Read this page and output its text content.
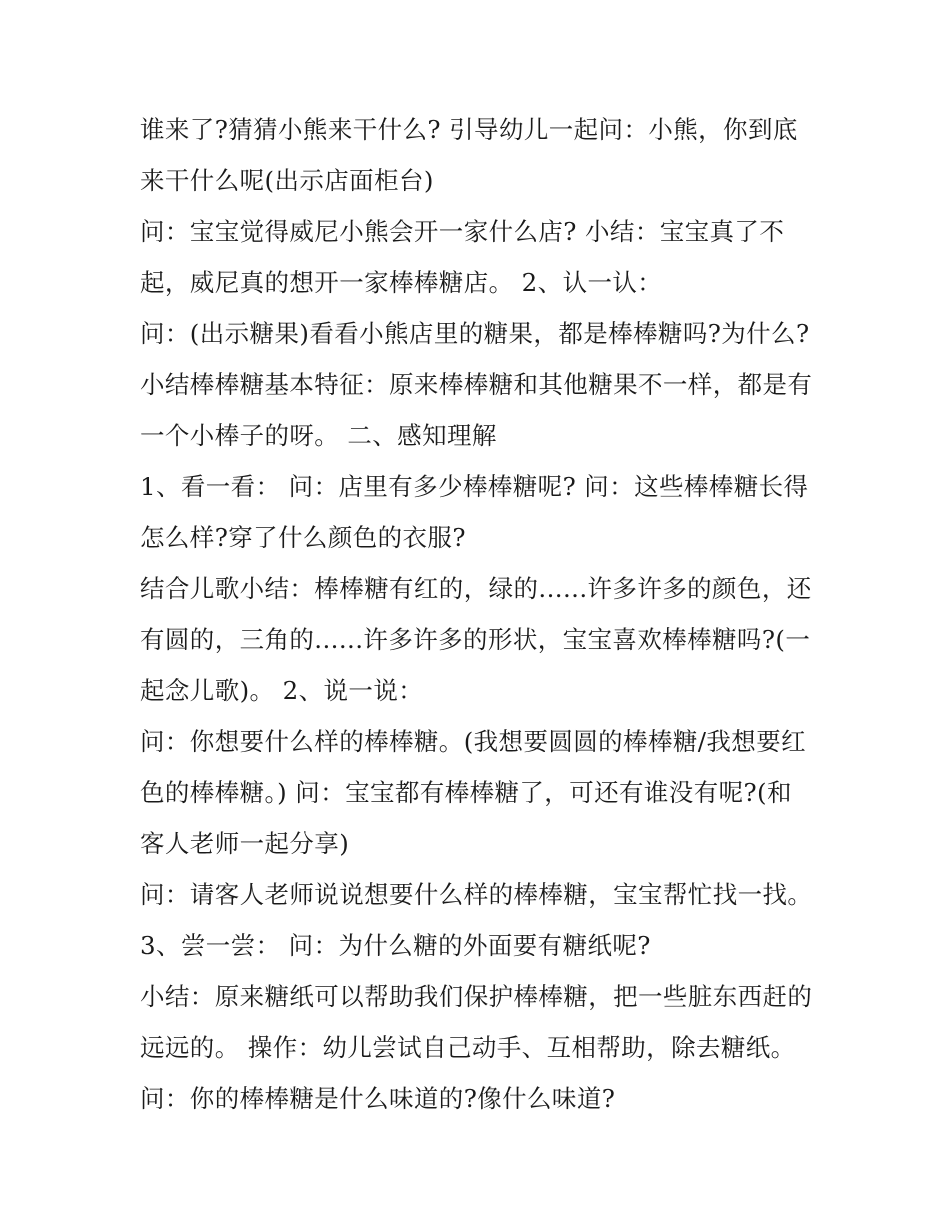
谁来了?猜猜小熊来干什么? 引导幼儿一起问：小熊，你到底
来干什么呢(出示店面柜台)
问：宝宝觉得威尼小熊会开一家什么店? 小结：宝宝真了不
起，威尼真的想开一家棒棒糖店。 2、认一认：
问：(出示糖果)看看小熊店里的糖果，都是棒棒糖吗?为什么?
小结棒棒糖基本特征：原来棒棒糖和其他糖果不一样，都是有
一个小棒子的呀。 二、感知理解
1、看一看： 问：店里有多少棒棒糖呢? 问：这些棒棒糖长得
怎么样?穿了什么颜色的衣服?
结合儿歌小结：棒棒糖有红的，绿的......许多许多的颜色，还
有圆的，三角的......许多许多的形状，宝宝喜欢棒棒糖吗?(一
起念儿歌)。 2、说一说：
问：你想要什么样的棒棒糖。(我想要圆圆的棒棒糖/我想要红
色的棒棒糖。) 问：宝宝都有棒棒糖了，可还有谁没有呢?(和
客人老师一起分享)
问：请客人老师说说想要什么样的棒棒糖，宝宝帮忙找一找。
3、尝一尝： 问：为什么糖的外面要有糖纸呢?
小结：原来糖纸可以帮助我们保护棒棒糖，把一些脏东西赶的
远远的。 操作：幼儿尝试自己动手、互相帮助，除去糖纸。
问：你的棒棒糖是什么味道的?像什么味道?
